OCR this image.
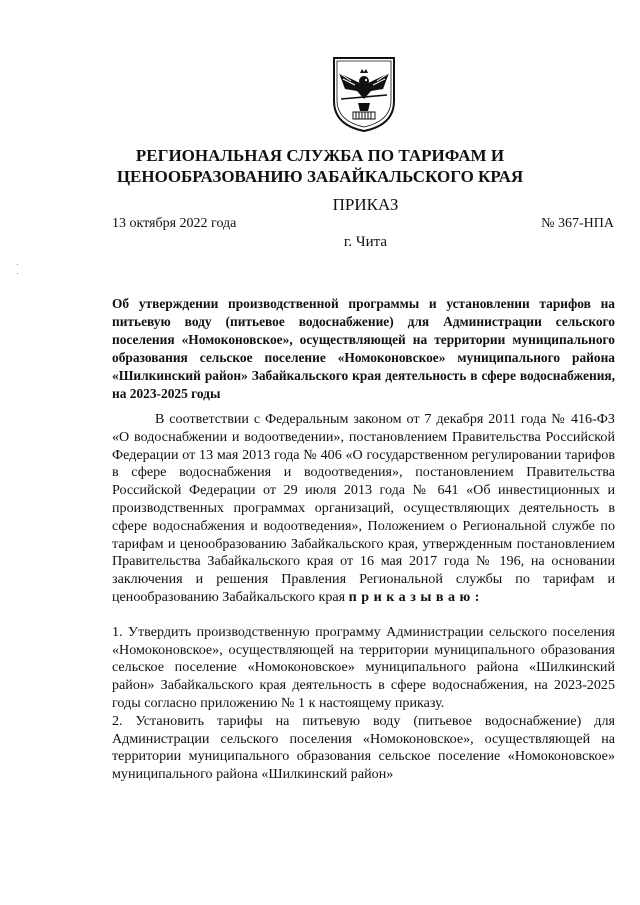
РЕГИОНАЛЬНАЯ СЛУЖБА ПО ТАРИФАМ И
ЦЕНООБРАЗОВАНИЮ ЗАБАЙКАЛЬСКОГО КРАЯ
ПРИКАЗ
13 октября 2022 года	№ 367-НПА
г. Чита
Об утверждении производственной программы и установлении тарифов на питьевую воду (питьевое водоснабжение) для Администрации сельского поселения «Номоконовское», осуществляющей на территории муниципального образования сельское поселение «Номоконовское» муниципального района «Шилкинский район» Забайкальского края деятельность в сфере водоснабжения, на 2023-2025 годы

В соответствии с Федеральным законом от 7 декабря 2011 года № 416-ФЗ «О водоснабжении и водоотведении», постановлением Правительства Российской Федерации от 13 мая 2013 года № 406 «О государственном регулировании тарифов в сфере водоснабжения и водоотведения», постановлением Правительства Российской Федерации от 29 июля 2013 года № 641 «Об инвестиционных и производственных программах организаций, осуществляющих деятельность в сфере водоснабжения и водоотведения», Положением о Региональной службе по тарифам и ценообразованию Забайкальского края, утвержденным постановлением Правительства Забайкальского края от 16 мая 2017 года № 196, на основании заключения и решения Правления Региональной службы по тарифам и ценообразованию Забайкальского края приказываю:

1. Утвердить производственную программу Администрации сельского поселения «Номоконовское», осуществляющей на территории муниципального образования сельское поселение «Номоконовское» муниципального района «Шилкинский район» Забайкальского края деятельность в сфере водоснабжения, на 2023-2025 годы согласно приложению № 1 к настоящему приказу.

2. Установить тарифы на питьевую воду (питьевое водоснабжение) для Администрации сельского поселения «Номоконовское», осуществляющей на территории муниципального образования сельское поселение «Номоконовское» муниципального района «Шилкинский район»
